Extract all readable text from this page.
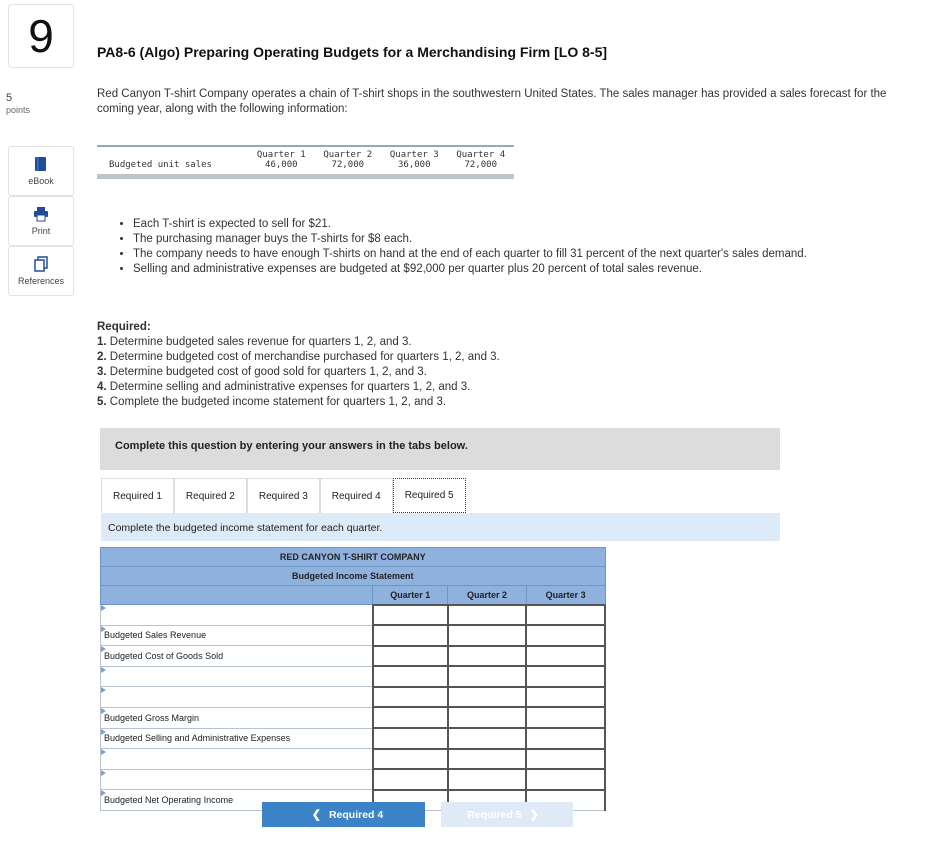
9
5
points
eBook
Print
References
PA8-6 (Algo) Preparing Operating Budgets for a Merchandising Firm [LO 8-5]
Red Canyon T-shirt Company operates a chain of T-shirt shops in the southwestern United States. The sales manager has provided a sales forecast for the coming year, along with the following information:
	Quarter 1	Quarter 2	Quarter 3	Quarter 4
Budgeted unit sales	46,000	72,000	36,000	72,000
• Each T-shirt is expected to sell for $21.
• The purchasing manager buys the T-shirts for $8 each.
• The company needs to have enough T-shirts on hand at the end of each quarter to fill 31 percent of the next quarter's sales demand.
• Selling and administrative expenses are budgeted at $92,000 per quarter plus 20 percent of total sales revenue.
Required:
1. Determine budgeted sales revenue for quarters 1, 2, and 3.
2. Determine budgeted cost of merchandise purchased for quarters 1, 2, and 3.
3. Determine budgeted cost of good sold for quarters 1, 2, and 3.
4. Determine selling and administrative expenses for quarters 1, 2, and 3.
5. Complete the budgeted income statement for quarters 1, 2, and 3.
Complete this question by entering your answers in the tabs below.
Required 1	Required 2	Required 3	Required 4	Required 5
Complete the budgeted income statement for each quarter.
RED CANYON T-SHIRT COMPANY			
Budgeted Income Statement			
	Quarter 1	Quarter 2	Quarter 3

Budgeted Sales Revenue			

Budgeted Cost of Goods Sold			

Budgeted Gross Margin			

Budgeted Selling and Administrative Expenses			

Budgeted Net Operating Income			
❮ Required 4	Required 5 ❯
